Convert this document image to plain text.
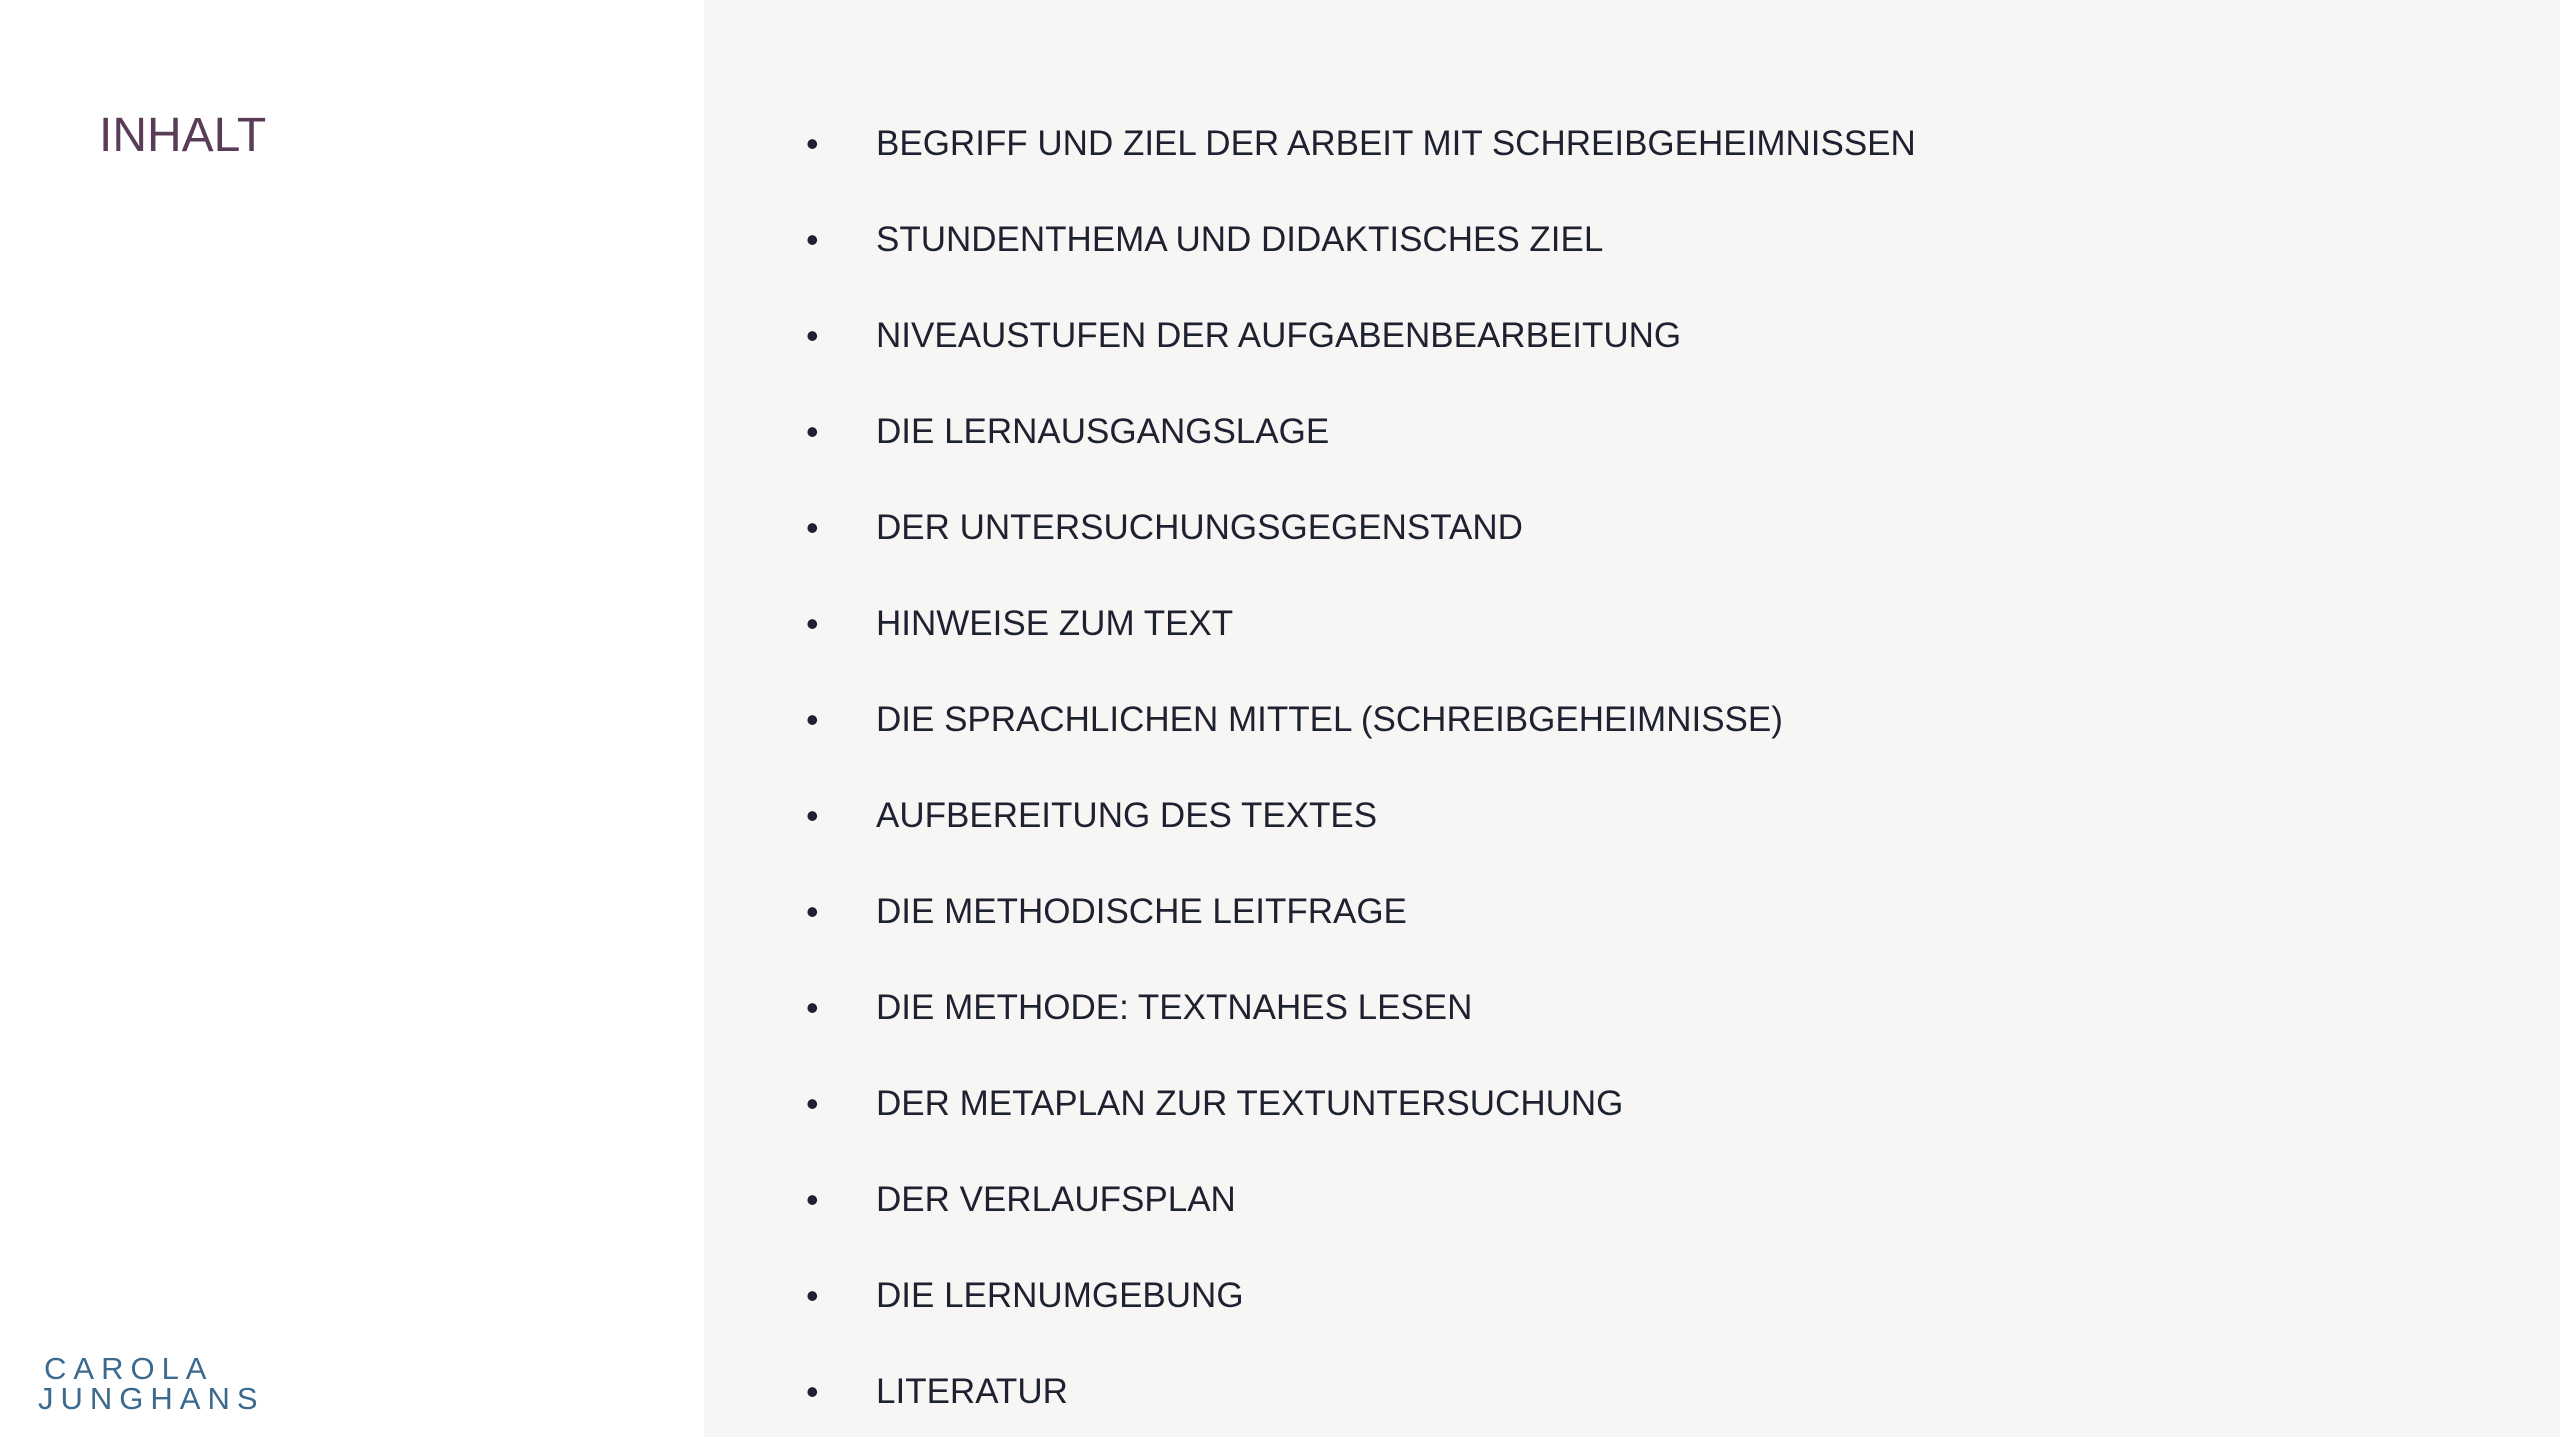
INHALT
CAROLA
JUNGHANS
•	BEGRIFF UND ZIEL DER ARBEIT MIT SCHREIBGEHEIMNISSEN
•	STUNDENTHEMA UND DIDAKTISCHES ZIEL
•	NIVEAUSTUFEN DER AUFGABENBEARBEITUNG
•	DIE LERNAUSGANGSLAGE
•	DER UNTERSUCHUNGSGEGENSTAND
•	HINWEISE ZUM TEXT
•	DIE SPRACHLICHEN MITTEL (SCHREIBGEHEIMNISSE)
•	AUFBEREITUNG DES TEXTES
•	DIE METHODISCHE LEITFRAGE
•	DIE METHODE: TEXTNAHES LESEN
•	DER METAPLAN ZUR TEXTUNTERSUCHUNG
•	DER VERLAUFSPLAN
•	DIE LERNUMGEBUNG
•	LITERATUR
